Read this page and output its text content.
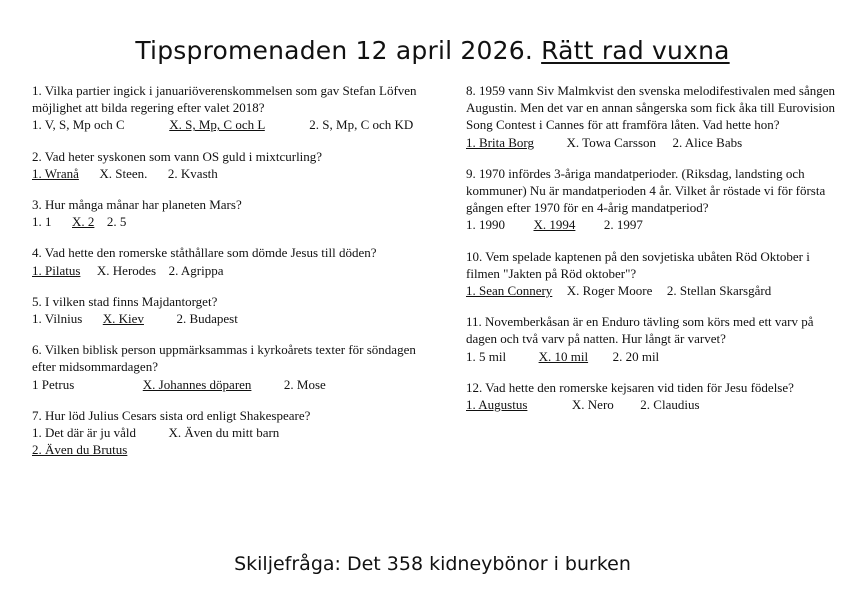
Tipspromenaden 12 april 2026. Rätt rad vuxna

1. Vilka partier ingick i januariöverenskommelsen som gav Stefan Löfven möjlighet att bilda regering efter valet 2018?

1. V, S, Mp och C	X. S, Mp, C och L	2. S, Mp, C och KD

2. Vad heter syskonen som vann OS guld i mixtcurling?

1. Wranå X. Steen. 2. Kvasth

3. Hur många månar har planeten Mars?

1. 1 X. 2 2. 5

4. Vad hette den romerske ståthållare som dömde Jesus till döden?

1. Pilatus X. Herodes 2. Agrippa

5. I vilken stad finns Majdantorget?

1. Vilnius X. Kiev	2. Budapest

6. Vilken biblisk person uppmärksammas i kyrkoårets texter för söndagen efter midsommardagen?

1 Petrus	X. Johannes döparen	2. Mose

7. Hur löd Julius Cesars sista ord enligt Shakespeare?

1. Det där är ju våld	X. Även du mitt barn
2. Även du Brutus

8. 1959 vann Siv Malmkvist den svenska melodifestivalen med sången Augustin. Men det var en annan sångerska som fick åka till Eurovision Song Contest i Cannes för att framföra låten. Vad hette hon?

1. Brita Borg	X. Towa Carsson 2. Alice Babs

9. 1970 infördes 3-åriga mandatperioder. (Riksdag, landsting och kommuner) Nu är mandatperioden 4 år. Vilket år röstade vi för första gången efter 1970 för en 4-årig mandatperiod?

1. 1990 X. 1994 2. 1997

10. Vem spelade kaptenen på den sovjetiska ubåten Röd Oktober i filmen "Jakten på Röd oktober"?

1. Sean Connery X. Roger Moore 2. Stellan Skarsgård

11. Novemberkåsan är en Enduro tävling som körs med ett varv på dagen och två varv på natten. Hur långt är varvet?

1. 5 mil	X. 10 mil 2. 20 mil

12. Vad hette den romerske kejsaren vid tiden för Jesu födelse?

1. Augustus	X. Nero 2. Claudius
Skiljefråga: Det 358 kidneybönor i burken
